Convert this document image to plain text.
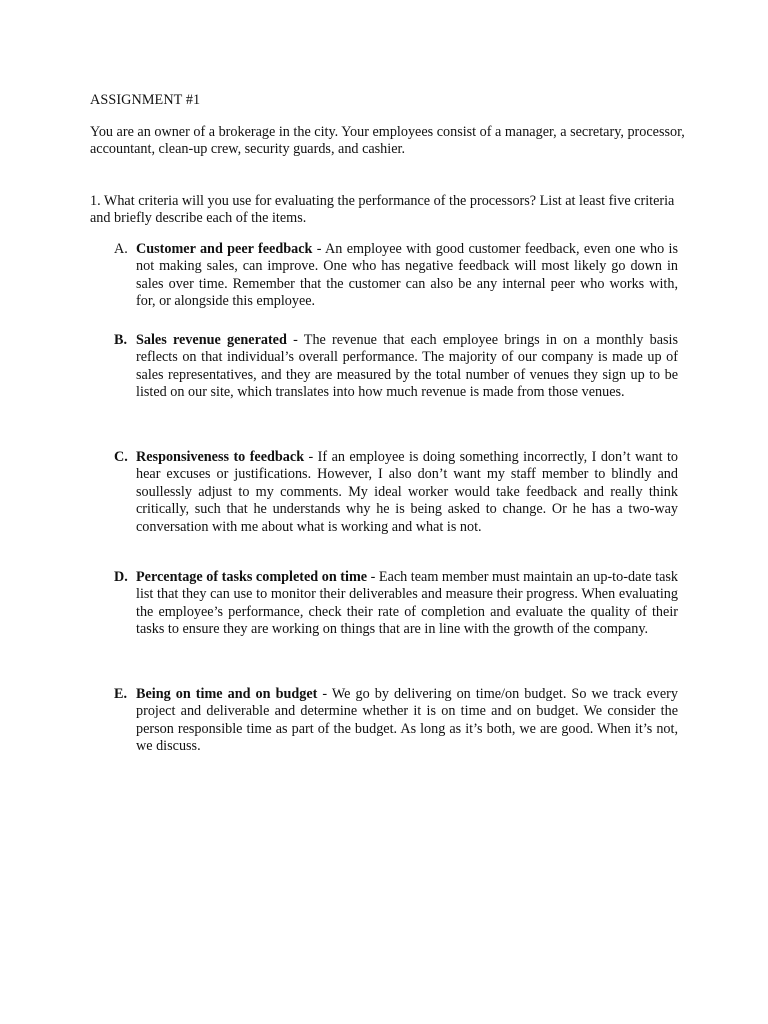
ASSIGNMENT #1
You are an owner of a brokerage in the city. Your employees consist of a manager, a secretary, processor, accountant, clean-up crew, security guards, and cashier.
1. What criteria will you use for evaluating the performance of the processors? List at least five criteria and briefly describe each of the items.
A. Customer and peer feedback - An employee with good customer feedback, even one who is not making sales, can improve. One who has negative feedback will most likely go down in sales over time. Remember that the customer can also be any internal peer who works with, for, or alongside this employee.
B. Sales revenue generated - The revenue that each employee brings in on a monthly basis reflects on that individual’s overall performance. The majority of our company is made up of sales representatives, and they are measured by the total number of venues they sign up to be listed on our site, which translates into how much revenue is made from those venues.
C. Responsiveness to feedback - If an employee is doing something incorrectly, I don’t want to hear excuses or justifications. However, I also don’t want my staff member to blindly and soullessly adjust to my comments. My ideal worker would take feedback and really think critically, such that he understands why he is being asked to change. Or he has a two-way conversation with me about what is working and what is not.
D. Percentage of tasks completed on time - Each team member must maintain an up-to-date task list that they can use to monitor their deliverables and measure their progress. When evaluating the employee’s performance, check their rate of completion and evaluate the quality of their tasks to ensure they are working on things that are in line with the growth of the company.
E. Being on time and on budget - We go by delivering on time/on budget. So we track every project and deliverable and determine whether it is on time and on budget. We consider the person responsible time as part of the budget. As long as it’s both, we are good. When it’s not, we discuss.
